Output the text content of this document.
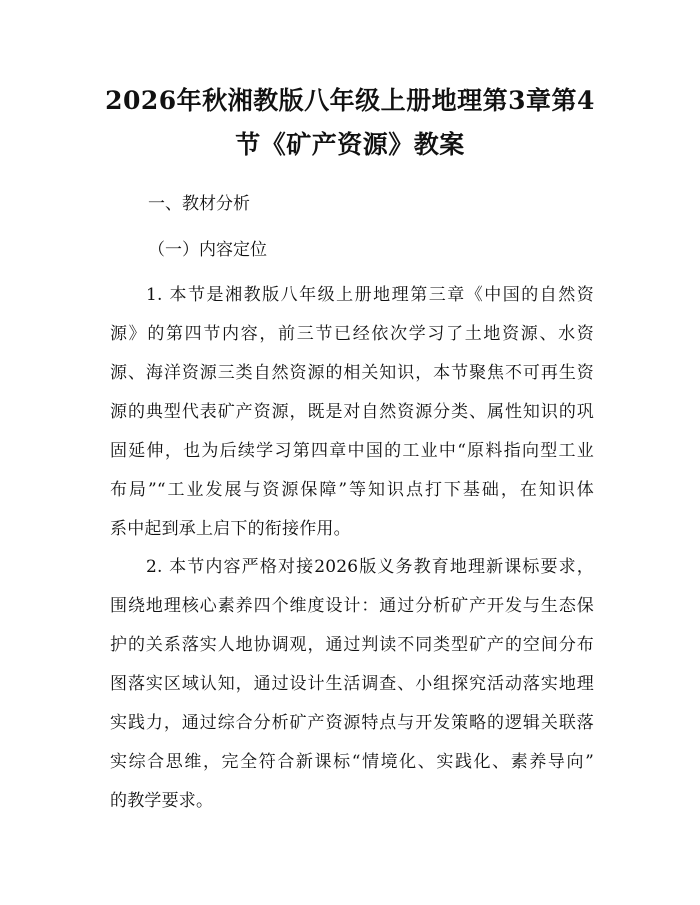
2026年秋湘教版八年级上册地理第3章第4
节《矿产资源》教案
一、教材分析
（一）内容定位
1. 本节是湘教版八年级上册地理第三章《中国的自然资
源》的第四节内容，前三节已经依次学习了土地资源、水资
源、海洋资源三类自然资源的相关知识，本节聚焦不可再生资
源的典型代表矿产资源，既是对自然资源分类、属性知识的巩
固延伸，也为后续学习第四章中国的工业中“原料指向型工业
布局”“工业发展与资源保障”等知识点打下基础，在知识体
系中起到承上启下的衔接作用。
2. 本节内容严格对接2026版义务教育地理新课标要求，
围绕地理核心素养四个维度设计：通过分析矿产开发与生态保
护的关系落实人地协调观，通过判读不同类型矿产的空间分布
图落实区域认知，通过设计生活调查、小组探究活动落实地理
实践力，通过综合分析矿产资源特点与开发策略的逻辑关联落
实综合思维，完全符合新课标“情境化、实践化、素养导向”
的教学要求。
